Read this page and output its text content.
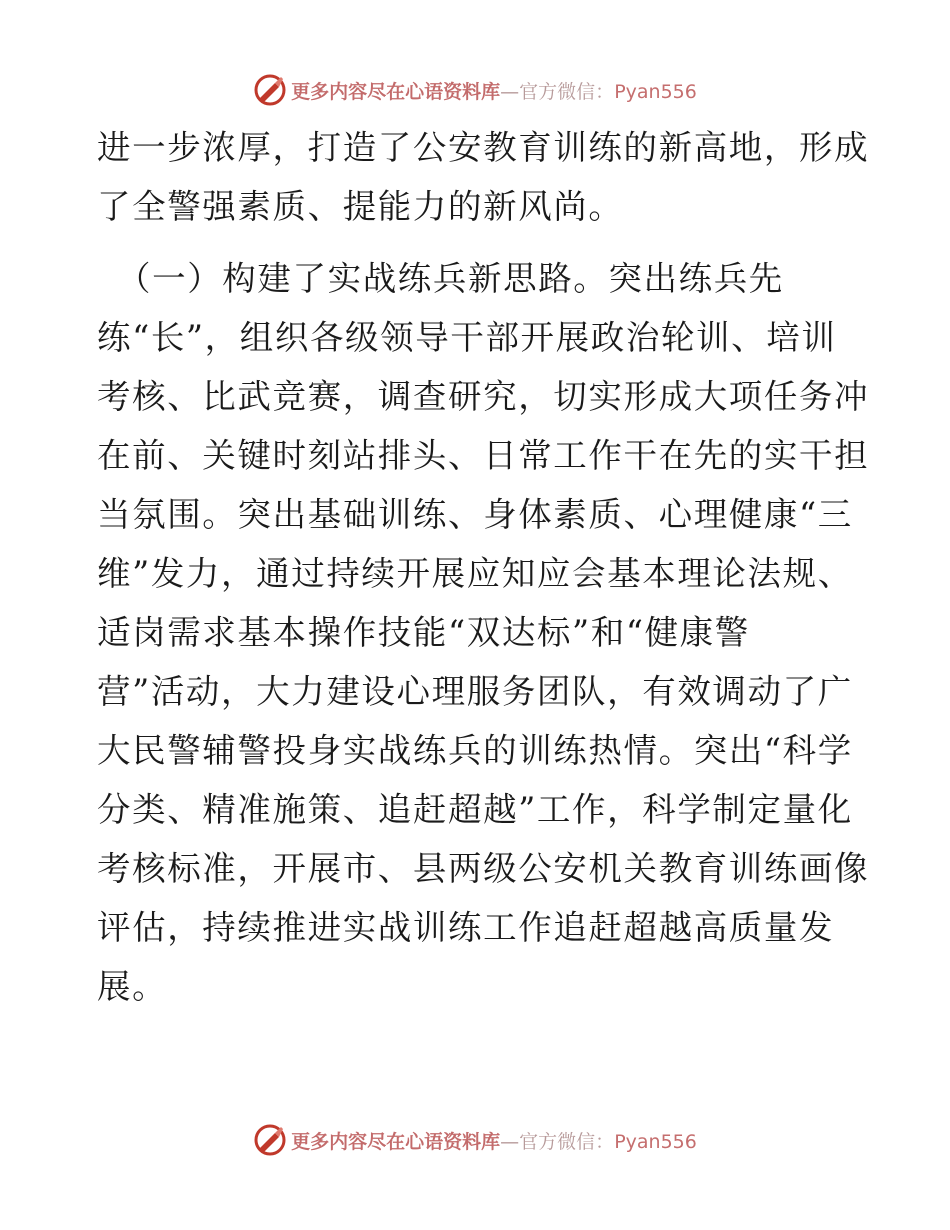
更多内容尽在心语资料库—官方微信：Pyan556
进一步浓厚，打造了公安教育训练的新高地，形成
了全警强素质、提能力的新风尚。
（一）构建了实战练兵新思路。突出练兵先
练“长”，组织各级领导干部开展政治轮训、培训
考核、比武竞赛，调查研究，切实形成大项任务冲
在前、关键时刻站排头、日常工作干在先的实干担
当氛围。突出基础训练、身体素质、心理健康“三
维”发力，通过持续开展应知应会基本理论法规、
适岗需求基本操作技能“双达标”和“健康警
营”活动，大力建设心理服务团队，有效调动了广
大民警辅警投身实战练兵的训练热情。突出“科学
分类、精准施策、追赶超越”工作，科学制定量化
考核标准，开展市、县两级公安机关教育训练画像
评估，持续推进实战训练工作追赶超越高质量发
展。
更多内容尽在心语资料库—官方微信：Pyan556
